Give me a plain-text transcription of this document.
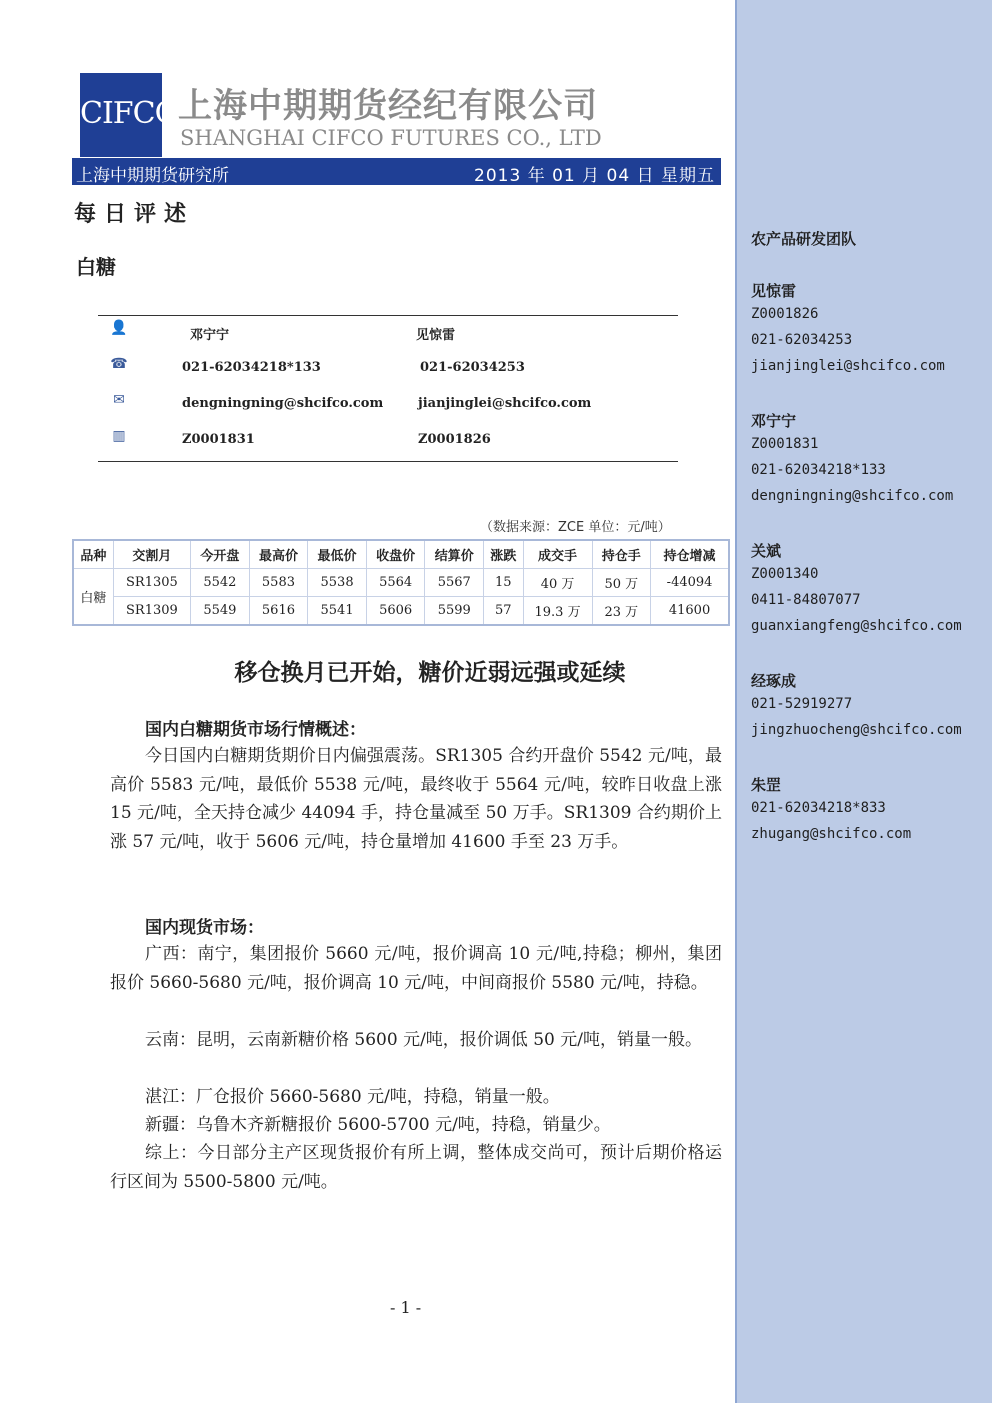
农产品研发团队
见惊雷
Z0001826
021-62034253
jianjinglei@shcifco.com
邓宁宁
Z0001831
021-62034218*133
dengningning@shcifco.com
关斌
Z0001340
0411-84807077
guanxiangfeng@shcifco.com
经琢成
021-52919277
jingzhuocheng@shcifco.com
朱罡
021-62034218*833
zhugang@shcifco.com
CIFCO 上海中期期货经纪有限公司
SHANGHAI CIFCO FUTURES CO., LTD
上海中期期货研究所	2013 年 01 月 04 日 星期五
每日评述
白糖
👤	邓宁宁	见惊雷
☎	021-62034218*133	021-62034253
✉	dengningning@shcifco.com	jianjinglei@shcifco.com
▥	Z0001831	Z0001826
（数据来源：ZCE 单位：元/吨）
品种	交割月	今开盘	最高价	最低价	收盘价	结算价	涨跌	成交手	持仓手	持仓增减
白糖	SR1305	5542	5583	5538	5564	5567	15	40 万	50 万	-44094
	SR1309	5549	5616	5541	5606	5599	57	19.3 万	23 万	41600
移仓换月已开始，糖价近弱远强或延续
国内白糖期货市场行情概述：
今日国内白糖期货期价日内偏强震荡。SR1305 合约开盘价 5542 元/吨，最高价 5583 元/吨，最低价 5538 元/吨，最终收于 5564 元/吨，较昨日收盘上涨 15 元/吨，全天持仓减少 44094 手，持仓量减至 50 万手。SR1309 合约期价上涨 57 元/吨，收于 5606 元/吨，持仓量增加 41600 手至 23 万手。
国内现货市场：
广西：南宁，集团报价 5660 元/吨，报价调高 10 元/吨,持稳；柳州，集团报价 5660-5680 元/吨，报价调高 10 元/吨，中间商报价 5580 元/吨，持稳。
云南：昆明，云南新糖价格 5600 元/吨，报价调低 50 元/吨，销量一般。
湛江：厂仓报价 5660-5680 元/吨，持稳，销量一般。
新疆：乌鲁木齐新糖报价 5600-5700 元/吨，持稳，销量少。
综上：今日部分主产区现货报价有所上调，整体成交尚可，预计后期价格运行区间为 5500-5800 元/吨。
- 1 -
